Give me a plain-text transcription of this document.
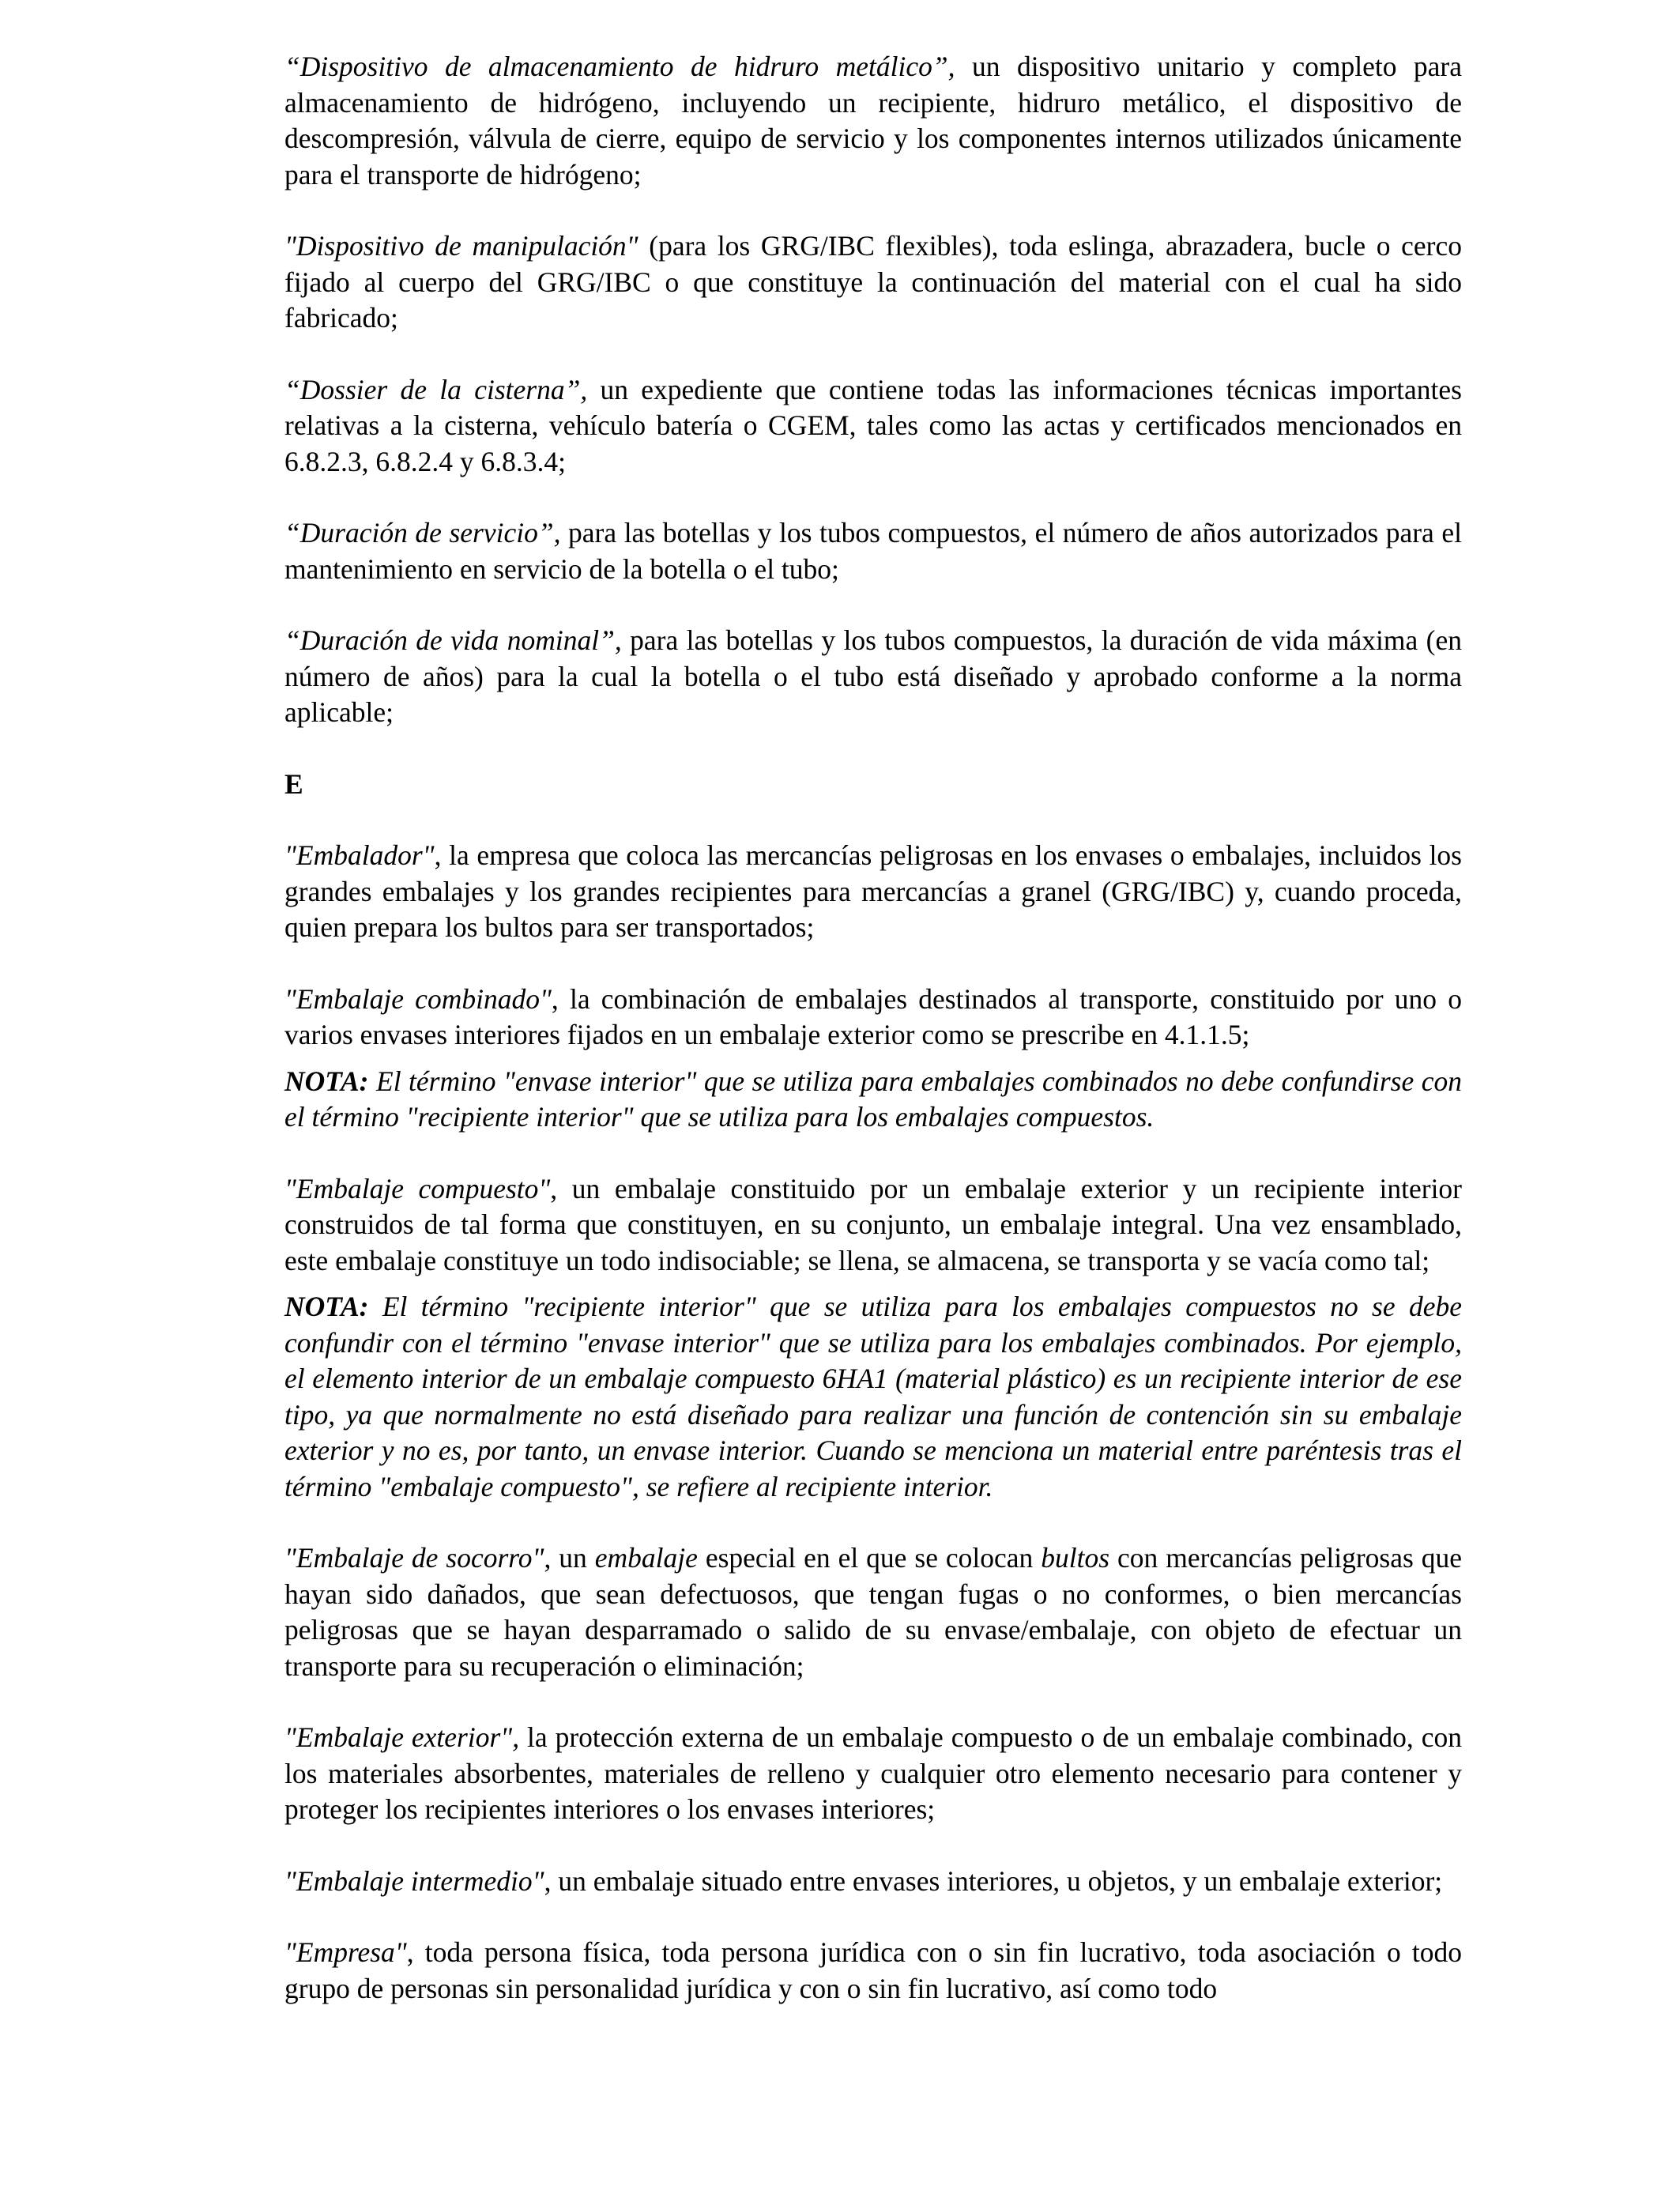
“Dispositivo de almacenamiento de hidruro metálico”, un dispositivo unitario y completo para almacenamiento de hidrógeno, incluyendo un recipiente, hidruro metálico, el dispositivo de descompresión, válvula de cierre, equipo de servicio y los componentes internos utilizados únicamente para el transporte de hidrógeno;

"Dispositivo de manipulación" (para los GRG/IBC flexibles), toda eslinga, abrazadera, bucle o cerco fijado al cuerpo del GRG/IBC o que constituye la continuación del material con el cual ha sido fabricado;

“Dossier de la cisterna”, un expediente que contiene todas las informaciones técnicas importantes relativas a la cisterna, vehículo batería o CGEM, tales como las actas y certificados mencionados en 6.8.2.3, 6.8.2.4 y 6.8.3.4;

“Duración de servicio”, para las botellas y los tubos compuestos, el número de años autorizados para el mantenimiento en servicio de la botella o el tubo;

“Duración de vida nominal”, para las botellas y los tubos compuestos, la duración de vida máxima (en número de años) para la cual la botella o el tubo está diseñado y aprobado conforme a la norma aplicable;

E

"Embalador", la empresa que coloca las mercancías peligrosas en los envases o embalajes, incluidos los grandes embalajes y los grandes recipientes para mercancías a granel (GRG/IBC) y, cuando proceda, quien prepara los bultos para ser transportados;

"Embalaje combinado", la combinación de embalajes destinados al transporte, constituido por uno o varios envases interiores fijados en un embalaje exterior como se prescribe en 4.1.1.5;

NOTA: El término "envase interior" que se utiliza para embalajes combinados no debe confundirse con el término "recipiente interior" que se utiliza para los embalajes compuestos.

"Embalaje compuesto", un embalaje constituido por un embalaje exterior y un recipiente interior construidos de tal forma que constituyen, en su conjunto, un embalaje integral. Una vez ensamblado, este embalaje constituye un todo indisociable; se llena, se almacena, se transporta y se vacía como tal;

NOTA: El término "recipiente interior" que se utiliza para los embalajes compuestos no se debe confundir con el término "envase interior" que se utiliza para los embalajes combinados. Por ejemplo, el elemento interior de un embalaje compuesto 6HA1 (material plástico) es un recipiente interior de ese tipo, ya que normalmente no está diseñado para realizar una función de contención sin su embalaje exterior y no es, por tanto, un envase interior. Cuando se menciona un material entre paréntesis tras el término "embalaje compuesto", se refiere al recipiente interior.

"Embalaje de socorro", un embalaje especial en el que se colocan bultos con mercancías peligrosas que hayan sido dañados, que sean defectuosos, que tengan fugas o no conformes, o bien mercancías peligrosas que se hayan desparramado o salido de su envase/embalaje, con objeto de efectuar un transporte para su recuperación o eliminación;

"Embalaje exterior", la protección externa de un embalaje compuesto o de un embalaje combinado, con los materiales absorbentes, materiales de relleno y cualquier otro elemento necesario para contener y proteger los recipientes interiores o los envases interiores;

"Embalaje intermedio", un embalaje situado entre envases interiores, u objetos, y un embalaje exterior;

"Empresa", toda persona física, toda persona jurídica con o sin fin lucrativo, toda asociación o todo grupo de personas sin personalidad jurídica y con o sin fin lucrativo, así como todo
